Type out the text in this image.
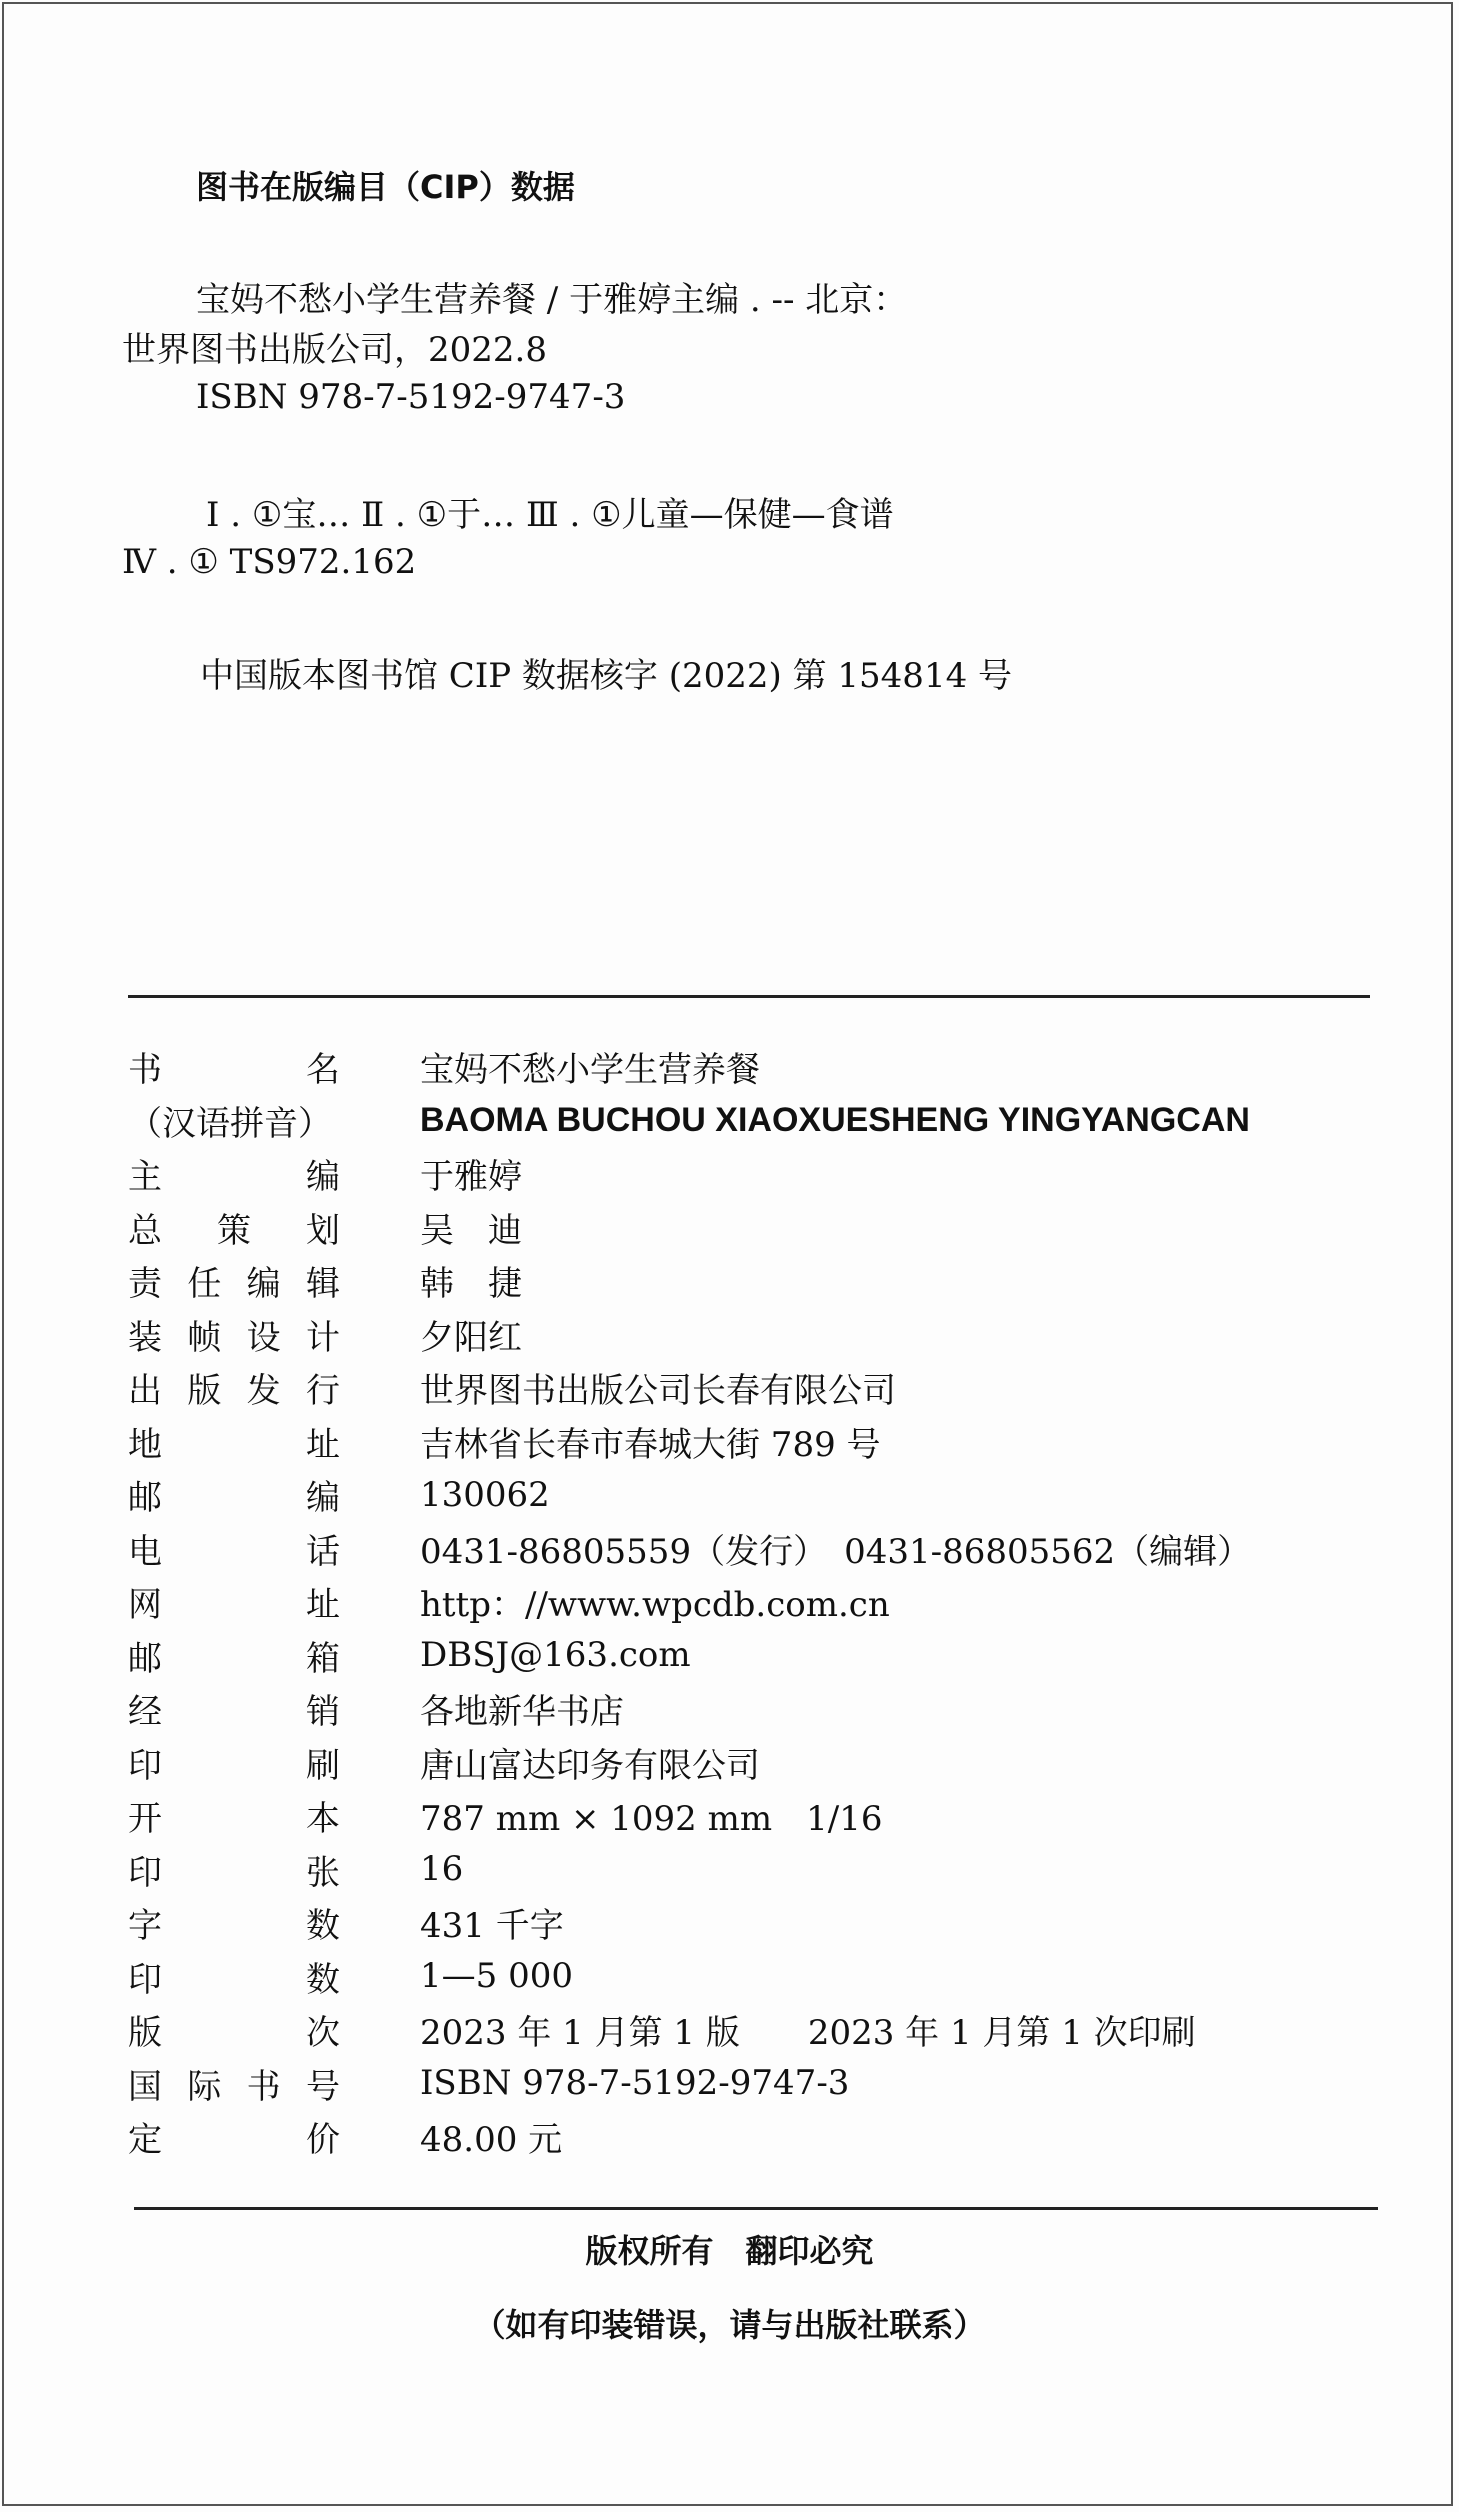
图书在版编目（CIP）数据
宝妈不愁小学生营养餐 / 于雅婷主编 . -- 北京：
世界图书出版公司，2022.8
ISBN 978-7-5192-9747-3
Ⅰ . ①宝… Ⅱ . ①于… Ⅲ . ①儿童—保健—食谱
Ⅳ . ① TS972.162
中国版本图书馆 CIP 数据核字 (2022) 第 154814 号
书	名 宝妈不愁小学生营养餐
（汉语拼音）	BAOMA BUCHOU XIAOXUESHENG YINGYANGCAN
主	编 于雅婷
总 策 划 吴　迪
责 任 编 辑 韩　捷
装 帧 设 计 夕阳红
出 版 发 行 世界图书出版公司长春有限公司
地	址 吉林省长春市春城大街 789 号
邮	编 130062
电	话 0431-86805559（发行）　0431-86805562（编辑）
网	址 http：//www.wpcdb.com.cn
邮	箱 DBSJ@163.com
经	销 各地新华书店
印	刷 唐山富达印务有限公司
开	本 787 mm × 1092 mm　1/16
印	张 16
字	数 431 千字
印	数 1—5 000
版	次 2023 年 1 月第 1 版　　2023 年 1 月第 1 次印刷
国 际 书 号 ISBN 978-7-5192-9747-3
定	价 48.00 元
版权所有　翻印必究
（如有印装错误，请与出版社联系）
